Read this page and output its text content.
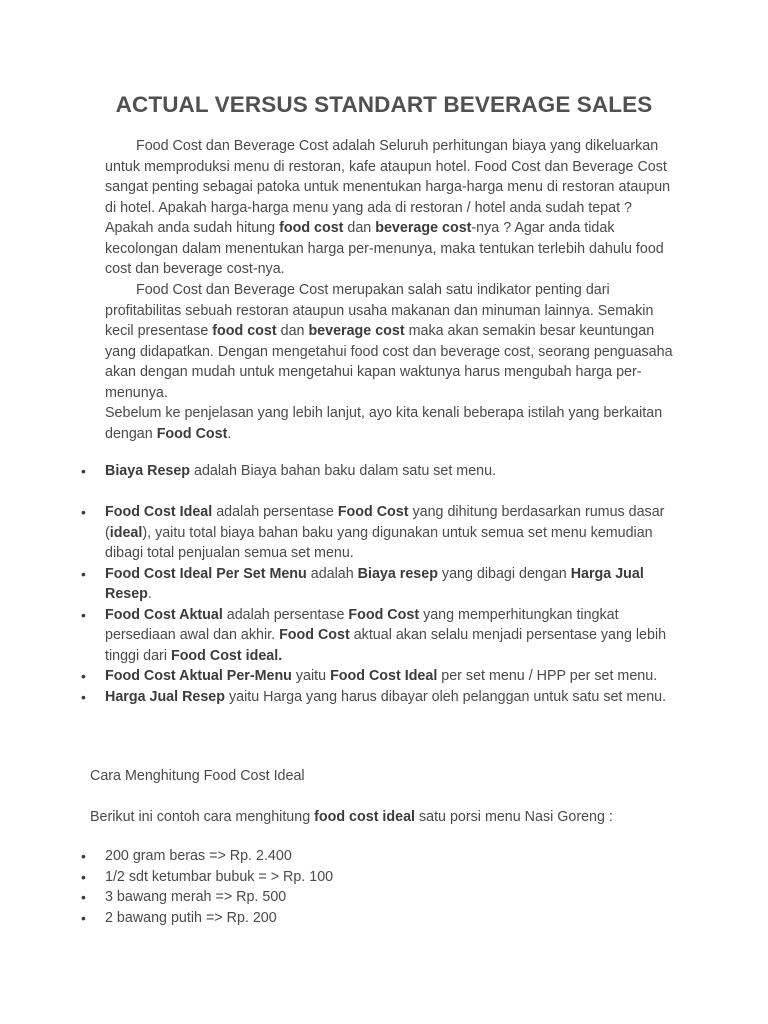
ACTUAL VERSUS STANDART BEVERAGE SALES

Food Cost dan Beverage Cost adalah Seluruh perhitungan biaya yang dikeluarkan untuk memproduksi menu di restoran, kafe ataupun hotel. Food Cost dan Beverage Cost sangat penting sebagai patoka untuk menentukan harga-harga menu di restoran ataupun di hotel. Apakah harga-harga menu yang ada di restoran / hotel anda sudah tepat ? Apakah anda sudah hitung food cost dan beverage cost-nya ? Agar anda tidak kecolongan dalam menentukan harga per-menunya, maka tentukan terlebih dahulu food cost dan beverage cost-nya.

Food Cost dan Beverage Cost merupakan salah satu indikator penting dari profitabilitas sebuah restoran ataupun usaha makanan dan minuman lainnya. Semakin kecil presentase food cost dan beverage cost maka akan semakin besar keuntungan yang didapatkan. Dengan mengetahui food cost dan beverage cost, seorang penguasaha akan dengan mudah untuk mengetahui kapan waktunya harus mengubah harga per-menunya.

Sebelum ke penjelasan yang lebih lanjut, ayo kita kenali beberapa istilah yang berkaitan dengan Food Cost.

• Biaya Resep adalah Biaya bahan baku dalam satu set menu.
• Food Cost Ideal adalah persentase Food Cost yang dihitung berdasarkan rumus dasar (ideal), yaitu total biaya bahan baku yang digunakan untuk semua set menu kemudian dibagi total penjualan semua set menu.
• Food Cost Ideal Per Set Menu adalah Biaya resep yang dibagi dengan Harga Jual Resep.
• Food Cost Aktual adalah persentase Food Cost yang memperhitungkan tingkat persediaan awal dan akhir. Food Cost aktual akan selalu menjadi persentase yang lebih tinggi dari Food Cost ideal.
• Food Cost Aktual Per-Menu yaitu Food Cost Ideal per set menu / HPP per set menu.
• Harga Jual Resep yaitu Harga yang harus dibayar oleh pelanggan untuk satu set menu.

Cara Menghitung Food Cost Ideal

Berikut ini contoh cara menghitung food cost ideal satu porsi menu Nasi Goreng :

• 200 gram beras => Rp. 2.400
• 1/2 sdt ketumbar bubuk = > Rp. 100
• 3 bawang merah => Rp. 500
• 2 bawang putih => Rp. 200
